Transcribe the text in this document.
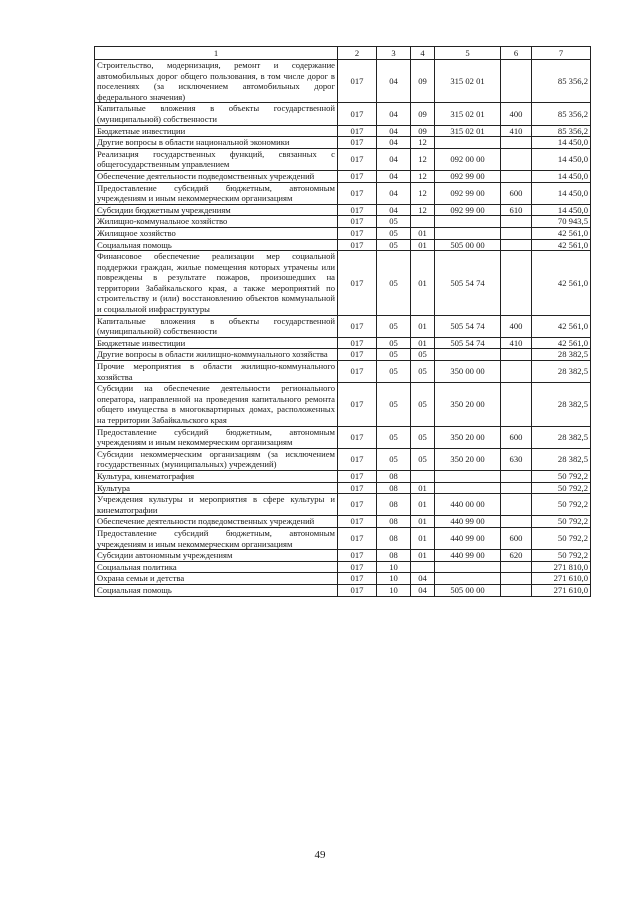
1	2	3	4	5	6	7
Строительство, модернизация, ремонт и содержание автомобильных дорог общего пользования, в том числе дорог в поселениях (за исключением автомобильных дорог федерального значения)	017	04	09	315 02 01		85 356,2
Капитальные вложения в объекты государственной (муниципальной) собственности	017	04	09	315 02 01	400	85 356,2
Бюджетные инвестиции	017	04	09	315 02 01	410	85 356,2
Другие вопросы в области национальной экономики	017	04	12			14 450,0
Реализация государственных функций, связанных с общегосударственным управлением	017	04	12	092 00 00		14 450,0
Обеспечение деятельности подведомственных учреждений	017	04	12	092 99 00		14 450,0
Предоставление субсидий бюджетным, автономным учреждениям и иным некоммерческим организациям	017	04	12	092 99 00	600	14 450,0
Субсидии бюджетным учреждениям	017	04	12	092 99 00	610	14 450,0
Жилищно-коммунальное хозяйство	017	05				70 943,5
Жилищное хозяйство	017	05	01			42 561,0
Социальная помощь	017	05	01	505 00 00		42 561,0
Финансовое обеспечение реализации мер социальной поддержки граждан, жилые помещения которых утрачены или повреждены в результате пожаров, произошедших на территории Забайкальского края, а также мероприятий по строительству и (или) восстановлению объектов коммунальной и социальной инфраструктуры	017	05	01	505 54 74		42 561,0
Капитальные вложения в объекты государственной (муниципальной) собственности	017	05	01	505 54 74	400	42 561,0
Бюджетные инвестиции	017	05	01	505 54 74	410	42 561,0
Другие вопросы в области жилищно-коммунального хозяйства	017	05	05			28 382,5
Прочие мероприятия в области жилищно-коммунального хозяйства	017	05	05	350 00 00		28 382,5
Субсидии на обеспечение деятельности регионального оператора, направленной на проведения капитального ремонта общего имущества в многоквартирных домах, расположенных на территории Забайкальского края	017	05	05	350 20 00		28 382,5
Предоставление субсидий бюджетным, автономным учреждениям и иным некоммерческим организациям	017	05	05	350 20 00	600	28 382,5
Субсидии некоммерческим организациям (за исключением государственных (муниципальных) учреждений)	017	05	05	350 20 00	630	28 382,5
Культура, кинематография	017	08				50 792,2
Культура	017	08	01			50 792,2
Учреждения культуры и мероприятия в сфере культуры и кинематографии	017	08	01	440 00 00		50 792,2
Обеспечение деятельности подведомственных учреждений	017	08	01	440 99 00		50 792,2
Предоставление субсидий бюджетным, автономным учреждениям и иным некоммерческим организациям	017	08	01	440 99 00	600	50 792,2
Субсидии автономным учреждениям	017	08	01	440 99 00	620	50 792,2
Социальная политика	017	10				271 810,0
Охрана семьи и детства	017	10	04			271 610,0
Социальная помощь	017	10	04	505 00 00		271 610,0
49
